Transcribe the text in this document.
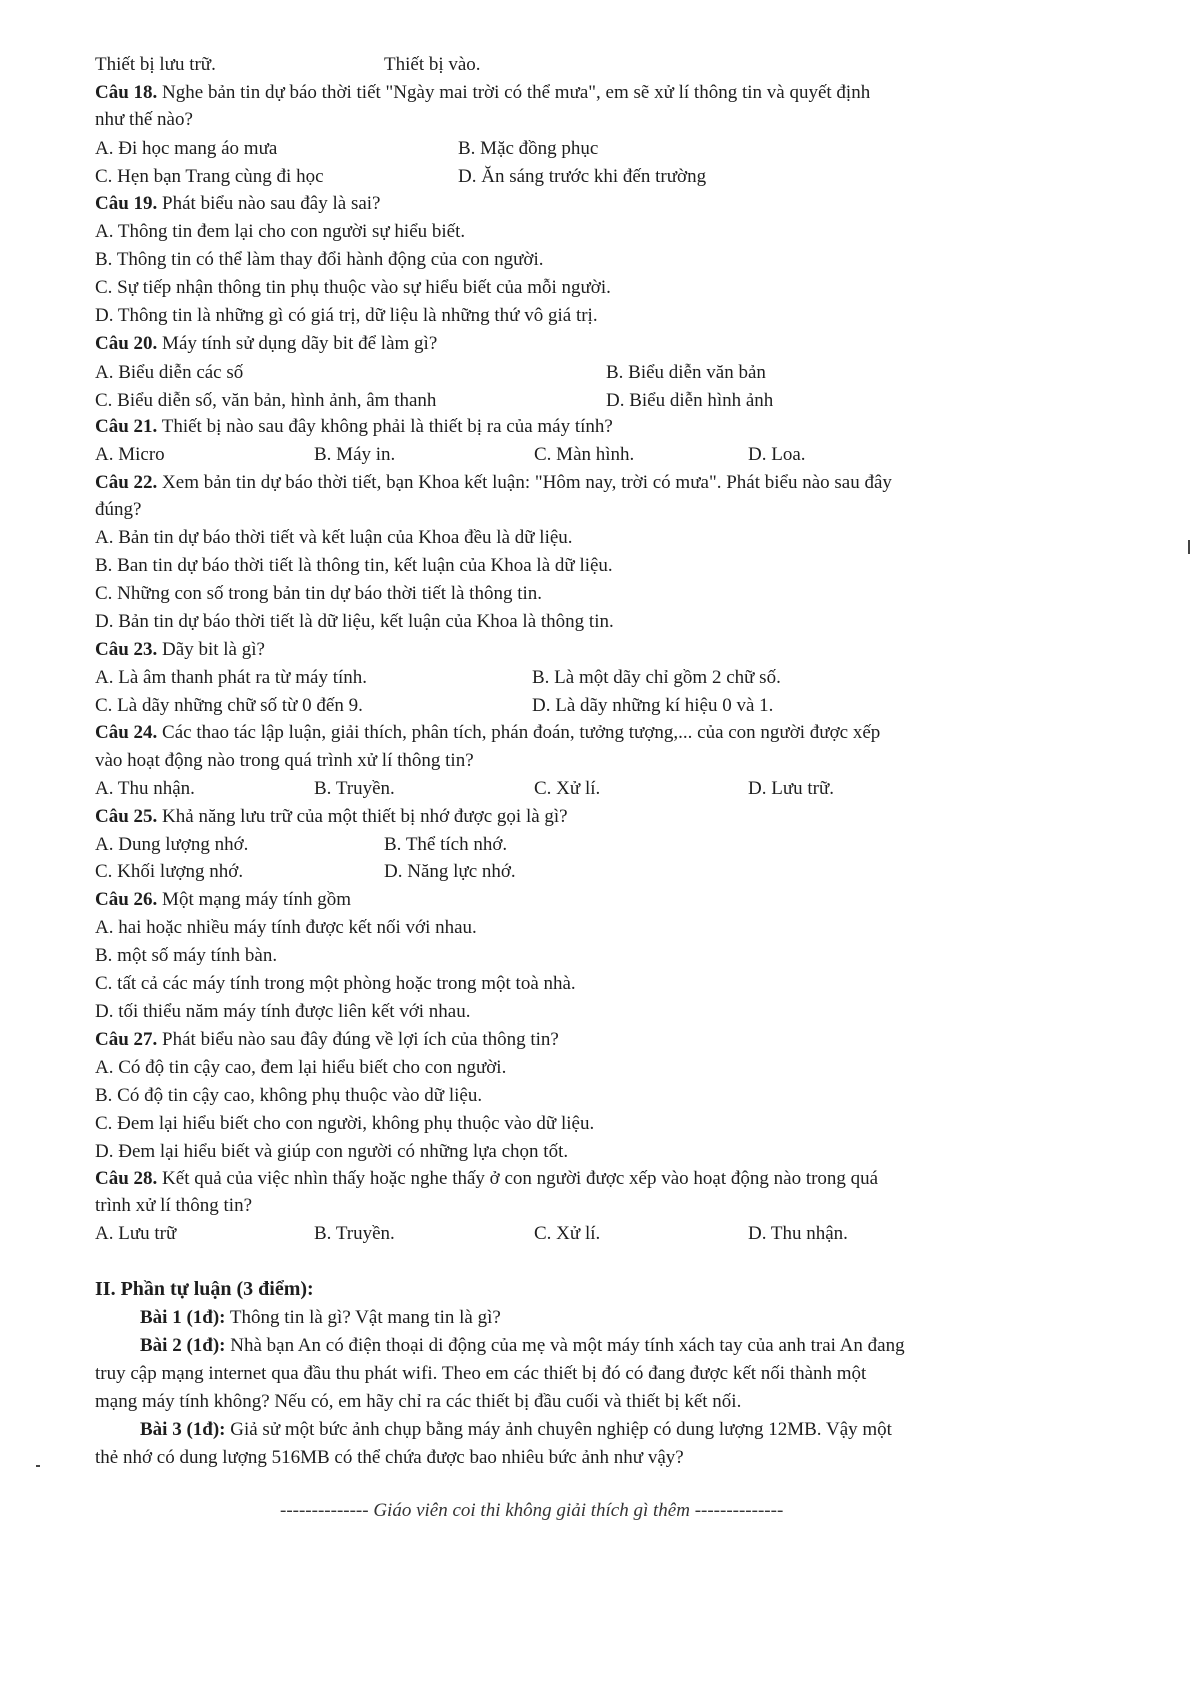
Thiết bị lưu trữ.	Thiết bị vào.
Câu 18. Nghe bản tin dự báo thời tiết "Ngày mai trời có thể mưa", em sẽ xử lí thông tin và quyết định
như thế nào?
A. Đi học mang áo mưa	B. Mặc đồng phục
C. Hẹn bạn Trang cùng đi học	D. Ăn sáng trước khi đến trường
Câu 19. Phát biểu nào sau đây là sai?
A. Thông tin đem lại cho con người sự hiểu biết.
B. Thông tin có thể làm thay đổi hành động của con người.
C. Sự tiếp nhận thông tin phụ thuộc vào sự hiểu biết của mỗi người.
D. Thông tin là những gì có giá trị, dữ liệu là những thứ vô giá trị.
Câu 20. Máy tính sử dụng dãy bit để làm gì?
A. Biểu diễn các số	B. Biểu diễn văn bản
C. Biểu diễn số, văn bản, hình ảnh, âm thanh	D. Biểu diễn hình ảnh
Câu 21. Thiết bị nào sau đây không phải là thiết bị ra của máy tính?
A. Micro	B. Máy in.	C. Màn hình.	D. Loa.
Câu 22. Xem bản tin dự báo thời tiết, bạn Khoa kết luận: "Hôm nay, trời có mưa". Phát biểu nào sau đây
đúng?
A. Bản tin dự báo thời tiết và kết luận của Khoa đều là dữ liệu.
B. Ban tin dự báo thời tiết là thông tin, kết luận của Khoa là dữ liệu.
C. Những con số trong bản tin dự báo thời tiết là thông tin.
D. Bản tin dự báo thời tiết là dữ liệu, kết luận của Khoa là thông tin.
Câu 23. Dãy bit là gì?
A. Là âm thanh phát ra từ máy tính.	B. Là một dãy chỉ gồm 2 chữ số.
C. Là dãy những chữ số từ 0 đến 9.	D. Là dãy những kí hiệu 0 và 1.
Câu 24. Các thao tác lập luận, giải thích, phân tích, phán đoán, tưởng tượng,... của con người được xếp
vào hoạt động nào trong quá trình xử lí thông tin?
A. Thu nhận.	B. Truyền.	C. Xử lí.	D. Lưu trữ.
Câu 25. Khả năng lưu trữ của một thiết bị nhớ được gọi là gì?
A. Dung lượng nhớ.	B. Thể tích nhớ.
C. Khối lượng nhớ.	D. Năng lực nhớ.
Câu 26. Một mạng máy tính gồm
A. hai hoặc nhiều máy tính được kết nối với nhau.
B. một số máy tính bàn.
C. tất cả các máy tính trong một phòng hoặc trong một toà nhà.
D. tối thiểu năm máy tính được liên kết với nhau.
Câu 27. Phát biểu nào sau đây đúng về lợi ích của thông tin?
A. Có độ tin cậy cao, đem lại hiểu biết cho con người.
B. Có độ tin cậy cao, không phụ thuộc vào dữ liệu.
C. Đem lại hiểu biết cho con người, không phụ thuộc vào dữ liệu.
D. Đem lại hiểu biết và giúp con người có những lựa chọn tốt.
Câu 28. Kết quả của việc nhìn thấy hoặc nghe thấy ở con người được xếp vào hoạt động nào trong quá
trình xử lí thông tin?
A. Lưu trữ	B. Truyền.	C. Xử lí.	D. Thu nhận.
II. Phần tự luận (3 điểm):
Bài 1 (1đ): Thông tin là gì? Vật mang tin là gì?
Bài 2 (1đ): Nhà bạn An có điện thoại di động của mẹ và một máy tính xách tay của anh trai An đang
truy cập mạng internet qua đầu thu phát wifi. Theo em các thiết bị đó có đang được kết nối thành một
mạng máy tính không? Nếu có, em hãy chỉ ra các thiết bị đầu cuối và thiết bị kết nối.
Bài 3 (1đ): Giả sử một bức ảnh chụp bằng máy ảnh chuyên nghiệp có dung lượng 12MB. Vậy một
thẻ nhớ có dung lượng 516MB có thể chứa được bao nhiêu bức ảnh như vậy?
-------------- Giáo viên coi thi không giải thích gì thêm --------------
